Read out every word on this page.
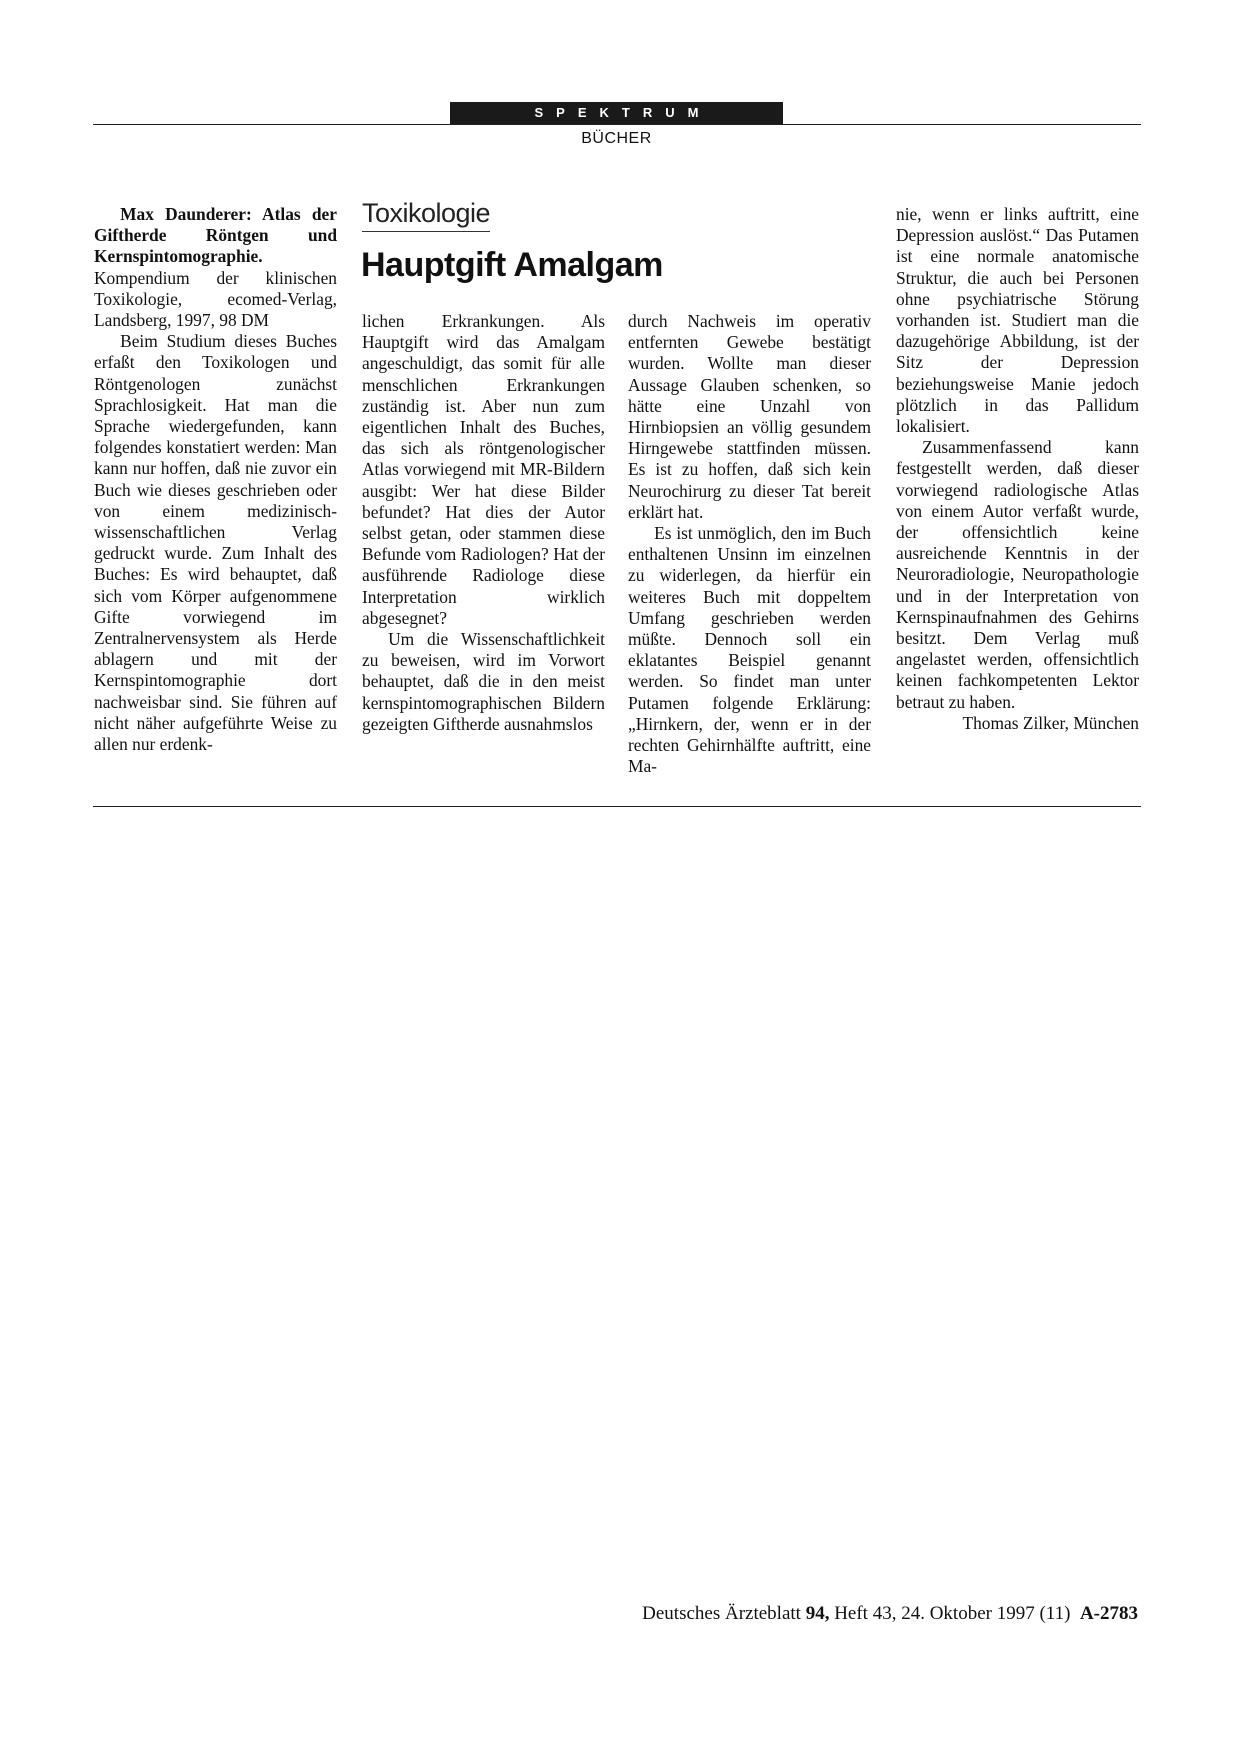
SPEKTRUM
BÜCHER

Max Daunderer: Atlas der Giftherde Röntgen und Kernspintomographie. Kompendium der klinischen Toxikologie, ecomed-Verlag, Landsberg, 1997, 98 DM

Beim Studium dieses Buches erfaßt den Toxikologen und Röntgenologen zunächst Sprachlosigkeit. Hat man die Sprache wiedergefunden, kann folgendes konstatiert werden: Man kann nur hoffen, daß nie zuvor ein Buch wie dieses geschrieben oder von einem medizinisch-wissenschaftlichen Verlag gedruckt wurde. Zum Inhalt des Buches: Es wird behauptet, daß sich vom Körper aufgenommene Gifte vorwiegend im Zentralnervensystem als Herde ablagern und mit der Kernspintomographie dort nachweisbar sind. Sie führen auf nicht näher aufgeführte Weise zu allen nur erdenk-

Toxikologie
Hauptgift Amalgam

lichen Erkrankungen. Als Hauptgift wird das Amalgam angeschuldigt, das somit für alle menschlichen Erkrankungen zuständig ist. Aber nun zum eigentlichen Inhalt des Buches, das sich als röntgenologischer Atlas vorwiegend mit MR-Bildern ausgibt: Wer hat diese Bilder befundet? Hat dies der Autor selbst getan, oder stammen diese Befunde vom Radiologen? Hat der ausführende Radiologe diese Interpretation wirklich abgesegnet?

Um die Wissenschaftlichkeit zu beweisen, wird im Vorwort behauptet, daß die in den meist kernspintomographischen Bildern gezeigten Giftherde ausnahmslos

durch Nachweis im operativ entfernten Gewebe bestätigt wurden. Wollte man dieser Aussage Glauben schenken, so hätte eine Unzahl von Hirnbiopsien an völlig gesundem Hirngewebe stattfinden müssen. Es ist zu hoffen, daß sich kein Neurochirurg zu dieser Tat bereit erklärt hat.

Es ist unmöglich, den im Buch enthaltenen Unsinn im einzelnen zu widerlegen, da hierfür ein weiteres Buch mit doppeltem Umfang geschrieben werden müßte. Dennoch soll ein eklatantes Beispiel genannt werden. So findet man unter Putamen folgende Erklärung: „Hirnkern, der, wenn er in der rechten Gehirnhälfte auftritt, eine Ma-

nie, wenn er links auftritt, eine Depression auslöst.“ Das Putamen ist eine normale anatomische Struktur, die auch bei Personen ohne psychiatrische Störung vorhanden ist. Studiert man die dazugehörige Abbildung, ist der Sitz der Depression beziehungsweise Manie jedoch plötzlich in das Pallidum lokalisiert.

Zusammenfassend kann festgestellt werden, daß dieser vorwiegend radiologische Atlas von einem Autor verfaßt wurde, der offensichtlich keine ausreichende Kenntnis in der Neuroradiologie, Neuropathologie und in der Interpretation von Kernspinaufnahmen des Gehirns besitzt. Dem Verlag muß angelastet werden, offensichtlich keinen fachkompetenten Lektor betraut zu haben.

Thomas Zilker, München

Deutsches Ärzteblatt 94, Heft 43, 24. Oktober 1997 (11)  A-2783
